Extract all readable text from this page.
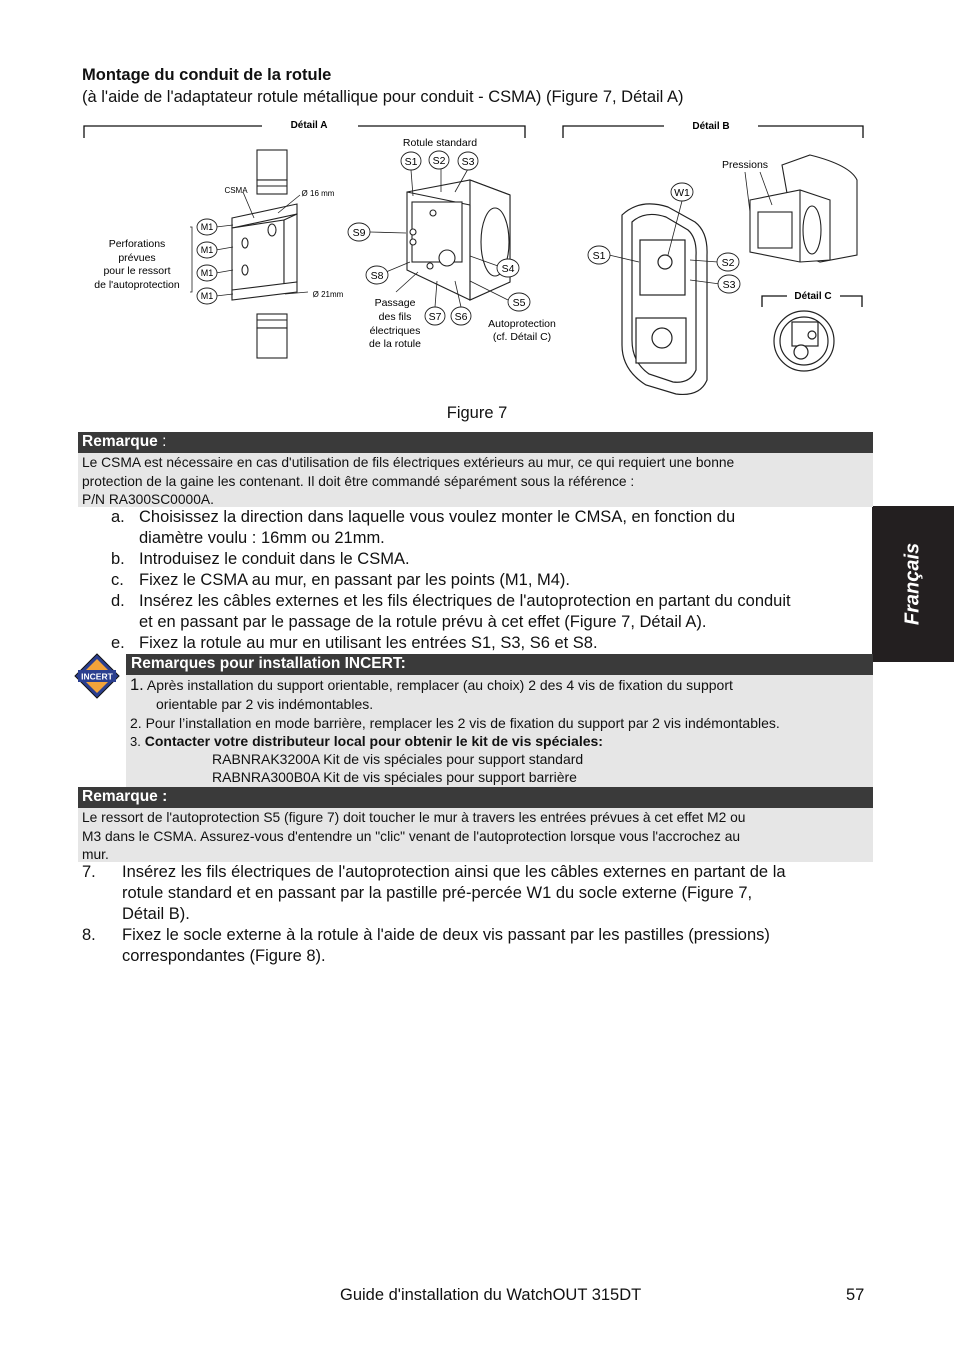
Montage du conduit de la rotule
(à l'aide de l'adaptateur rotule métallique pour conduit - CSMA) (Figure 7, Détail A)
Détail A	Détail B
Détail C
CSMA	Ø 16 mm
Ø 21mm
Perforations
prévues
pour le ressort
de l'autoprotection
M1
M1
M1
M1
Rotule standard
S1 S2 S3
S9
S8
S4
S5
S7 S6
Passage
des fils
électriques
de la rotule
Autoprotection
(cf. Détail C)
W1
S1
S2
S3
Pressions
Figure 7
Français
Remarque :

Le CSMA est nécessaire en cas d'utilisation de fils électriques extérieurs au mur, ce qui requiert une bonne

protection de la gaine les contenant. Il doit être commandé séparément sous la référence :

P/N RA300SC0000A.

a. Choisissez la direction dans laquelle vous voulez monter le CMSA, en fonction du
diamètre voulu : 16mm ou 21mm.
b. Introduisez le conduit dans le CSMA.
c. Fixez le CSMA au mur, en passant par les points (M1, M4).
d. Insérez les câbles externes et les fils électriques de l'autoprotection en partant du conduit
et en passant par le passage de la rotule prévu à cet effet (Figure 7, Détail A).
e. Fixez la rotule au mur en utilisant les entrées S1, S3, S6 et S8.
INCERT
Remarques pour installation INCERT:
1. Après installation du support orientable, remplacer (au choix) 2 des 4 vis de fixation du support
orientable par 2 vis indémontables.
2. Pour l’installation en mode barrière, remplacer les 2 vis de fixation du support par 2 vis indémontables.
3. Contacter votre distributeur local pour obtenir le kit de vis spéciales:
RABNRAK3200A Kit de vis spéciales pour support standard
RABNRA300B0A Kit de vis spéciales pour support barrière
Remarque :

Le ressort de l'autoprotection S5 (figure 7) doit toucher le mur à travers les entrées prévues à cet effet M2 ou

M3 dans le CSMA. Assurez-vous d'entendre un "clic" venant de l'autoprotection lorsque vous l'accrochez au

mur.

7. Insérez les fils électriques de l'autoprotection ainsi que les câbles externes en partant de la
rotule standard et en passant par la pastille pré-percée W1 du socle externe (Figure 7,
Détail B).
8. Fixez le socle externe à la rotule à l'aide de deux vis passant par les pastilles (pressions)
correspondantes (Figure 8).
Guide d'installation du WatchOUT 315DT	57
